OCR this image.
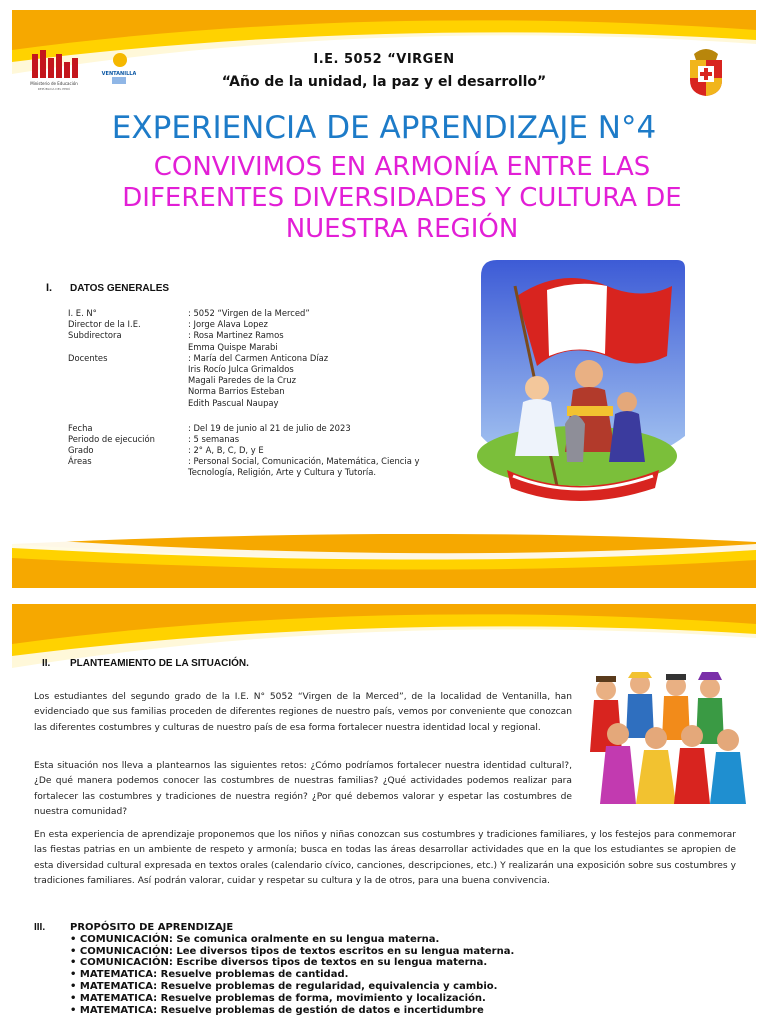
Ministerio de Educación
REPÚBLICA DEL PERÚ
VENTANILLA
I.E. 5052 “VIRGEN
“Año de la unidad, la paz y el desarrollo”
EXPERIENCIA DE APRENDIZAJE N°4
CONVIVIMOS EN ARMONÍA ENTRE LAS
DIFERENTES DIVERSIDADES Y CULTURA DE
NUESTRA REGIÓN
I. DATOS GENERALES
I. E. N°	: 5052 “Virgen de la Merced”
Director de la I.E.	: Jorge Alava Lopez
Subdirectora	: Rosa Martinez Ramos
Emma Quispe Marabi
Docentes	: María del Carmen Anticona Díaz
Iris Rocío Julca Grimaldos
Magali Paredes de la Cruz
Norma Barrios Esteban
Edith Pascual Naupay
Fecha	: Del 19 de junio al 21 de julio de 2023
Periodo de ejecución	: 5 semanas
Grado	: 2° A, B, C, D, y E
Áreas	: Personal Social, Comunicación, Matemática, Ciencia y
Tecnología, Religión, Arte y Cultura y Tutoría.
II. PLANTEAMIENTO DE LA SITUACIÓN.
Los estudiantes del segundo grado de la I.E. N° 5052 “Virgen de la Merced”, de la localidad de Ventanilla, han evidenciado que sus familias proceden de diferentes regiones de nuestro país, vemos por conveniente que conozcan las diferentes costumbres y culturas de nuestro país de esa forma fortalecer nuestra identidad local y regional.
Esta situación nos lleva a plantearnos las siguientes retos: ¿Cómo podríamos fortalecer nuestra identidad cultural?, ¿De qué manera podemos conocer las costumbres de nuestras familias? ¿Qué actividades podemos realizar para fortalecer las costumbres y tradiciones de nuestra región? ¿Por qué debemos valorar y espetar las costumbres de nuestra comunidad?
En esta experiencia de aprendizaje proponemos que los niños y niñas conozcan sus costumbres y tradiciones familiares, y los festejos para conmemorar las fiestas patrias en un ambiente de respeto y armonía; busca en todas las áreas desarrollar actividades que en la que los estudiantes se apropien de esta diversidad cultural expresada en textos orales (calendario cívico, canciones, descripciones, etc.) Y realizarán una exposición sobre sus costumbres y tradiciones familiares. Así podrán valorar, cuidar y respetar su cultura y la de otros, para una buena convivencia.
III. PROPÓSITO DE APRENDIZAJE
• COMUNICACIÓN: Se comunica oralmente en su lengua materna.
• COMUNICACIÓN: Lee diversos tipos de textos escritos en su lengua materna.
• COMUNICACIÓN: Escribe diversos tipos de textos en su lengua materna.
• MATEMATICA: Resuelve problemas de cantidad.
• MATEMATICA: Resuelve problemas de regularidad, equivalencia y cambio.
• MATEMATICA: Resuelve problemas de forma, movimiento y localización.
• MATEMATICA: Resuelve problemas de gestión de datos e incertidumbre
